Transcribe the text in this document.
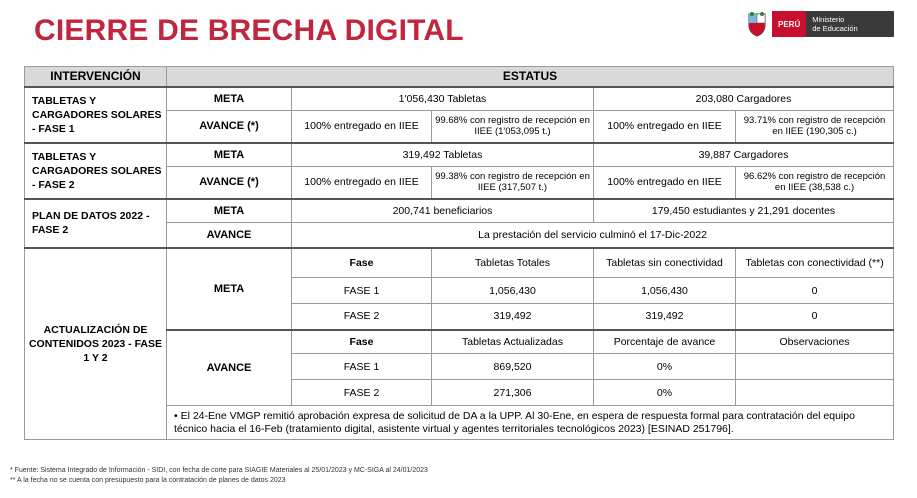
CIERRE DE BRECHA DIGITAL	PERÚ	Ministerio
de Educación
INTERVENCIÓN	ESTATUS				
TABLETAS Y CARGADORES SOLARES - FASE 1	META	1'056,430 Tabletas		203,080 Cargadores	
	AVANCE (*)	100% entregado en IIEE	99.68% con registro de recepción en IIEE (1'053,095 t.)	100% entregado en IIEE	93.71% con registro de recepción en IIEE (190,305 c.)
TABLETAS Y CARGADORES SOLARES - FASE 2	META	319,492 Tabletas		39,887 Cargadores	
	AVANCE (*)	100% entregado en IIEE	99.38% con registro de recepción en IIEE (317,507 t.)	100% entregado en IIEE	96.62% con registro de recepción en IIEE (38,538 c.)
PLAN DE DATOS 2022 - FASE 2	META	200,741 beneficiarios		179,450 estudiantes y 21,291 docentes	
	AVANCE	La prestación del servicio culminó el 17-Dic-2022			
ACTUALIZACIÓN DE CONTENIDOS 2023 - FASE 1 Y 2	META	Fase	Tabletas Totales	Tabletas sin conectividad	Tabletas con conectividad (**)
		FASE 1	1,056,430	1,056,430	0
		FASE 2	319,492	319,492	0
	AVANCE	Fase	Tabletas Actualizadas	Porcentaje de avance	Observaciones
		FASE 1	869,520	0%	
		FASE 2	271,306	0%	
	• El 24-Ene VMGP remitió aprobación expresa de solicitud de DA a la UPP. Al 30-Ene, en espera de respuesta formal para contratación del equipo técnico hacia el 16-Feb (tratamiento digital, asistente virtual y agentes territoriales tecnológicos 2023) [ESINAD 251796].				
* Fuente: Sistema Integrado de Información - SIDI, con fecha de corte para SIAGIE Materiales al 25/01/2023 y MC-SIGA al 24/01/2023
** A la fecha no se cuenta con presupuesto para la contratación de planes de datos 2023
